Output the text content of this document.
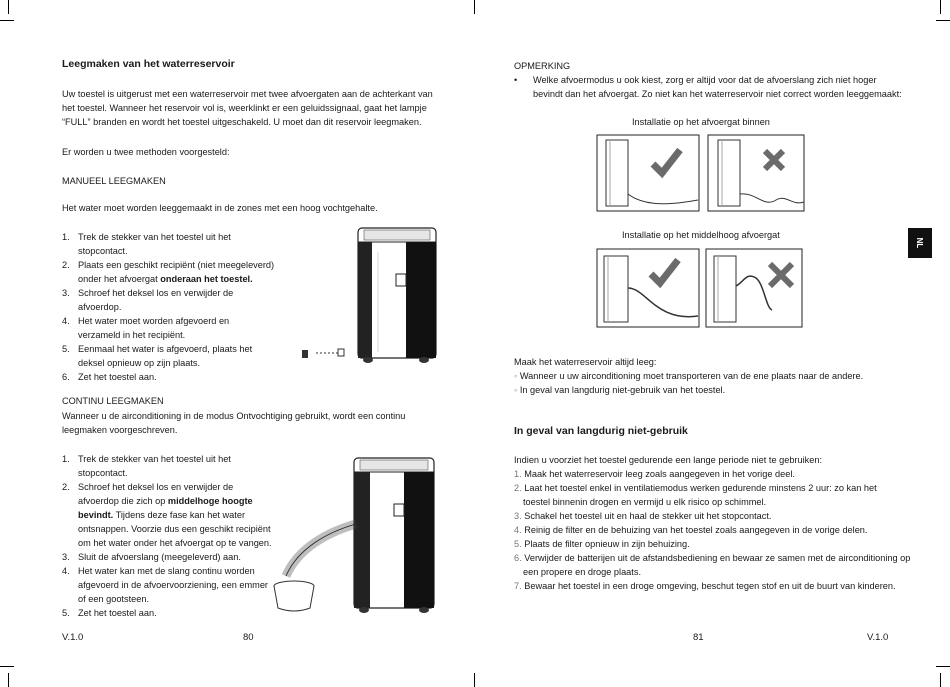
Leegmaken van het waterreservoir
Uw toestel is uitgerust met een waterreservoir met twee afvoergaten aan de achterkant van
het toestel. Wanneer het reservoir vol is, weerklinkt er een geluidssignaal, gaat het lampje
“FULL” branden en wordt het toestel uitgeschakeld. U moet dan dit reservoir leegmaken.
Er worden u twee methoden voorgesteld:
MANUEEL LEEGMAKEN
Het water moet worden leeggemaakt in de zones met een hoog vochtgehalte.
1. Trek de stekker van het toestel uit het
stopcontact.
2. Plaats een geschikt recipiënt (niet meegeleverd)
onder het afvoergat onderaan het toestel.
3. Schroef het deksel los en verwijder de
afvoerdop.
4. Het water moet worden afgevoerd en
verzameld in het recipiënt.
5. Eenmaal het water is afgevoerd, plaats het
deksel opnieuw op zijn plaats.
6. Zet het toestel aan.
CONTINU LEEGMAKEN
Wanneer u de airconditioning in de modus Ontvochtiging gebruikt, wordt een continu
leegmaken voorgeschreven.
1. Trek de stekker van het toestel uit het
stopcontact.
2. Schroef het deksel los en verwijder de
afvoerdop die zich op middelhoge hoogte
bevindt. Tijdens deze fase kan het water
ontsnappen. Voorzie dus een geschikt recipiënt
om het water onder het afvoergat op te vangen.
3. Sluit de afvoerslang (meegeleverd) aan.
4. Het water kan met de slang continu worden
afgevoerd in de afvoervoorziening, een emmer
of een gootsteen.
5. Zet het toestel aan.
V.1.0	80
OPMERKING
• Welke afvoermodus u ook kiest, zorg er altijd voor dat de afvoerslang zich niet hoger
bevindt dan het afvoergat. Zo niet kan het waterreservoir niet correct worden leeggemaakt:
Installatie op het afvoergat binnen
Installatie op het middelhoog afvoergat
Maak het waterreservoir altijd leeg:
◦ Wanneer u uw airconditioning moet transporteren van de ene plaats naar de andere.
◦ In geval van langdurig niet-gebruik van het toestel.
In geval van langdurig niet-gebruik
Indien u voorziet het toestel gedurende een lange periode niet te gebruiken:
1. Maak het waterreservoir leeg zoals aangegeven in het vorige deel.
2. Laat het toestel enkel in ventilatiemodus werken gedurende minstens 2 uur: zo kan het
toestel binnenin drogen en vermijd u elk risico op schimmel.
3. Schakel het toestel uit en haal de stekker uit het stopcontact.
4. Reinig de filter en de behuizing van het toestel zoals aangegeven in de vorige delen.
5. Plaats de filter opnieuw in zijn behuizing.
6. Verwijder de batterijen uit de afstandsbediening en bewaar ze samen met de airconditioning op
een propere en droge plaats.
7. Bewaar het toestel in een droge omgeving, beschut tegen stof en uit de buurt van kinderen.
81	V.1.0
NL
